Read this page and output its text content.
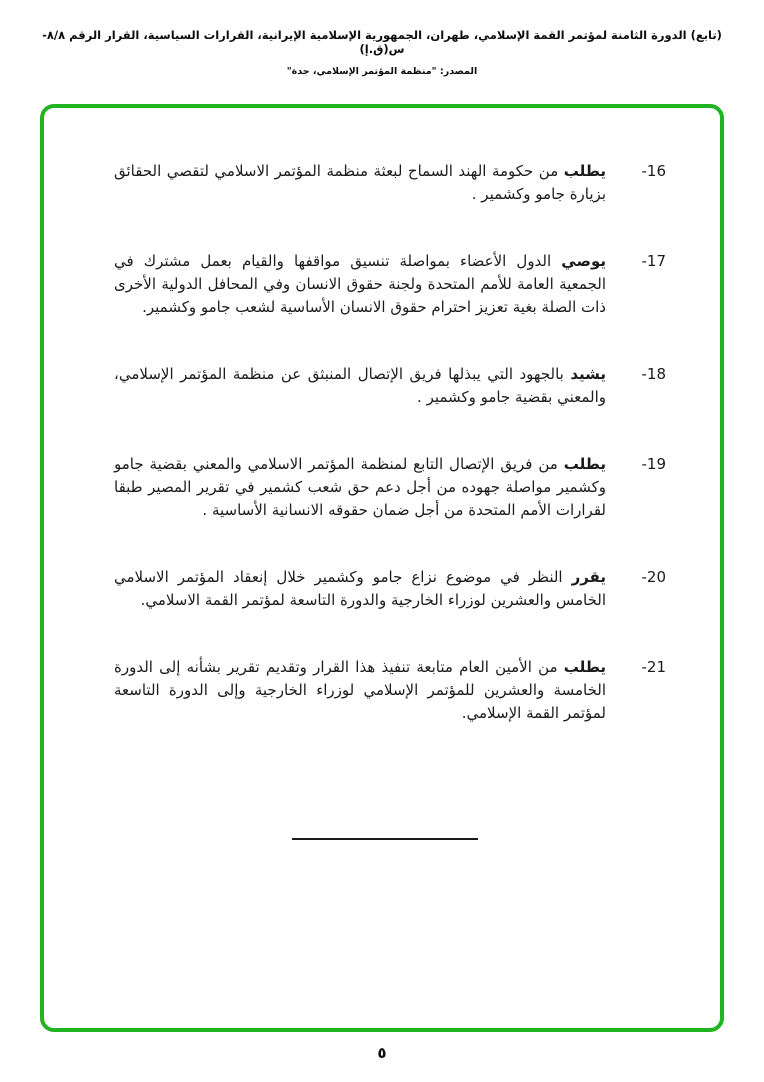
(تابع) الدورة الثامنة لمؤتمر القمة الإسلامي، طهران، الجمهورية الإسلامية الإيرانية، القرارات السياسية، القرار الرقم ٨/٨-س(ق.إ)
المصدر: "منظمة المؤتمر الإسلامي، جدة"
16-
يطلب من حكومة الهند السماح لبعثة منظمة المؤتمر الاسلامي لتقصي الحقائق بزيارة جامو وكشمير .
17-
يوصي الدول الأعضاء بمواصلة تنسيق مواقفها والقيام بعمل مشترك في الجمعية العامة للأمم المتحدة ولجنة حقوق الانسان وفي المحافل الدولية الأخرى ذات الصلة بغية تعزيز احترام حقوق الانسان الأساسية لشعب جامو وكشمير.
18-
يشيد بالجهود التي يبذلها فريق الإتصال المنبثق عن منظمة المؤتمر الإسلامي، والمعني بقضية جامو وكشمير .
19-
يطلب من فريق الإتصال التابع لمنظمة المؤتمر الاسلامي والمعني بقضية جامو وكشمير مواصلة جهوده من أجل دعم حق شعب كشمير في تقرير المصير طبقا لقرارات الأمم المتحدة من أجل ضمان حقوقه الانسانية الأساسية .
20-
يقرر النظر في موضوع نزاع جامو وكشمير خلال إنعقاد المؤتمر الاسلامي الخامس والعشرين لوزراء الخارجية والدورة التاسعة لمؤتمر القمة الاسلامي.
21-
يطلب من الأمين العام متابعة تنفيذ هذا القرار وتقديم تقرير بشأنه إلى الدورة الخامسة والعشرين للمؤتمر الإسلامي لوزراء الخارجية وإلى الدورة التاسعة لمؤتمر القمة الإسلامي.
٥
